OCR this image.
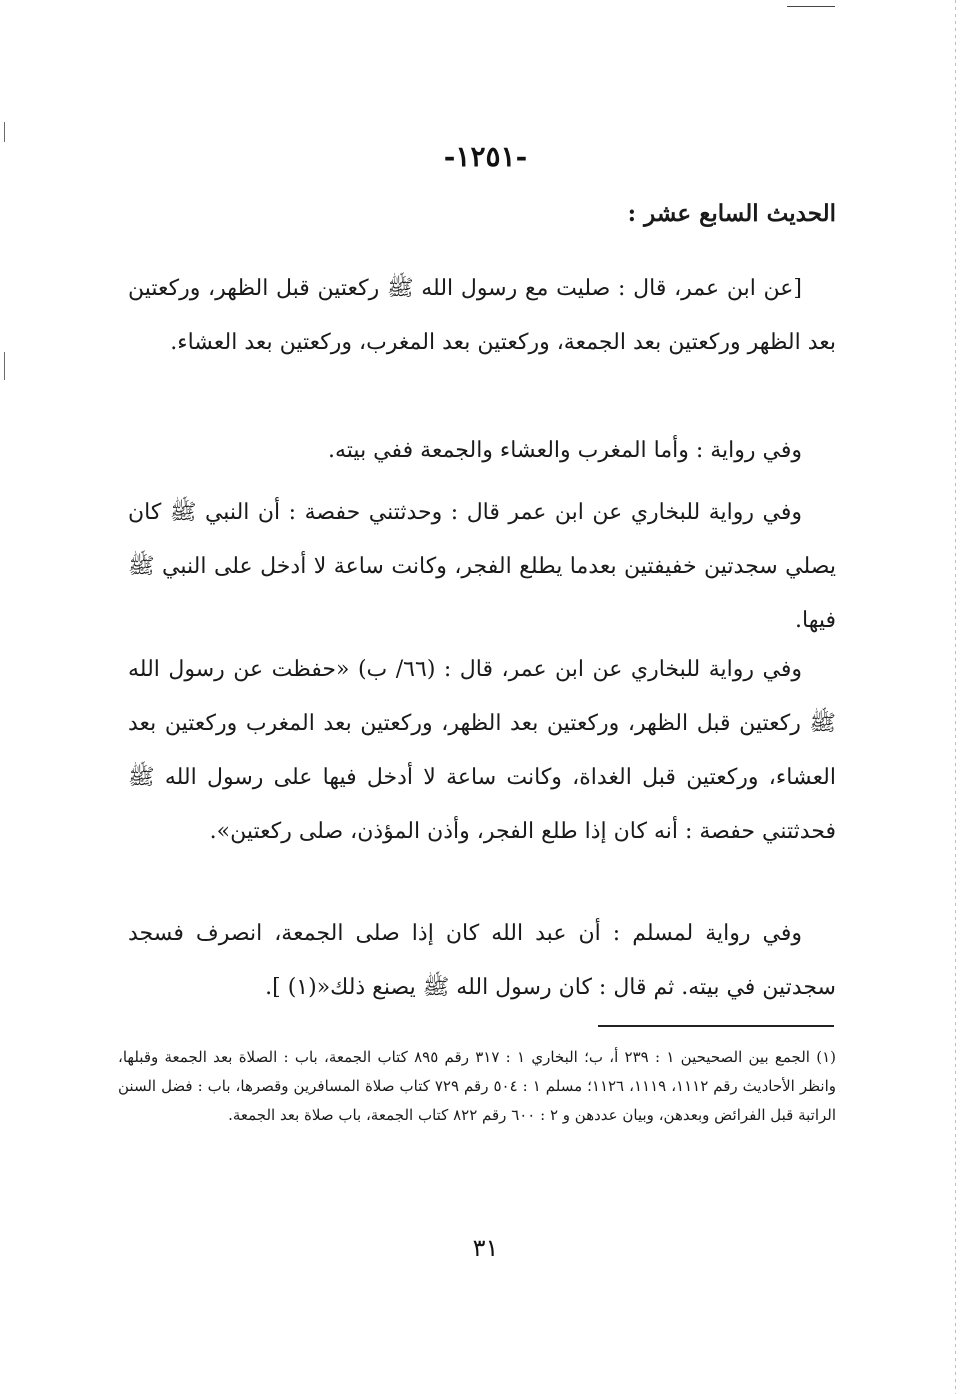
-١٢٥١-
الحديث السابع عشر :
[عن ابن عمر، قال : صليت مع رسول الله ﷺ ركعتين قبل الظهر، وركعتين بعد الظهر وركعتين بعد الجمعة، وركعتين بعد المغرب، وركعتين بعد العشاء.
وفي رواية : وأما المغرب والعشاء والجمعة ففي بيته.
وفي رواية للبخاري عن ابن عمر قال : وحدثتني حفصة : أن النبي ﷺ كان يصلي سجدتين خفيفتين بعدما يطلع الفجر، وكانت ساعة لا أدخل على النبي ﷺ فيها.
وفي رواية للبخاري عن ابن عمر، قال : (٦٦/ ب) «حفظت عن رسول الله ﷺ ركعتين قبل الظهر، وركعتين بعد الظهر، وركعتين بعد المغرب وركعتين بعد العشاء، وركعتين قبل الغداة، وكانت ساعة لا أدخل فيها على رسول الله ﷺ فحدثتني حفصة : أنه كان إذا طلع الفجر، وأذن المؤذن، صلى ركعتين».
وفي رواية لمسلم : أن عبد الله كان إذا صلى الجمعة، انصرف فسجد سجدتين في بيته. ثم قال : كان رسول الله ﷺ يصنع ذلك«(١) ].
(١) الجمع بين الصحيحين ١ : ٢٣٩ أ، ب؛ البخاري ١ : ٣١٧ رقم ٨٩٥ كتاب الجمعة، باب : الصلاة بعد الجمعة وقبلها، وانظر الأحاديث رقم ١١١٢، ١١١٩، ١١٢٦؛ مسلم ١ : ٥٠٤ رقم ٧٢٩ كتاب صلاة المسافرين وقصرها، باب : فضل السنن الراتبة قبل الفرائض وبعدهن، وبيان عددهن و ٢ : ٦٠٠ رقم ٨٢٢ كتاب الجمعة، باب صلاة بعد الجمعة.
٣١
